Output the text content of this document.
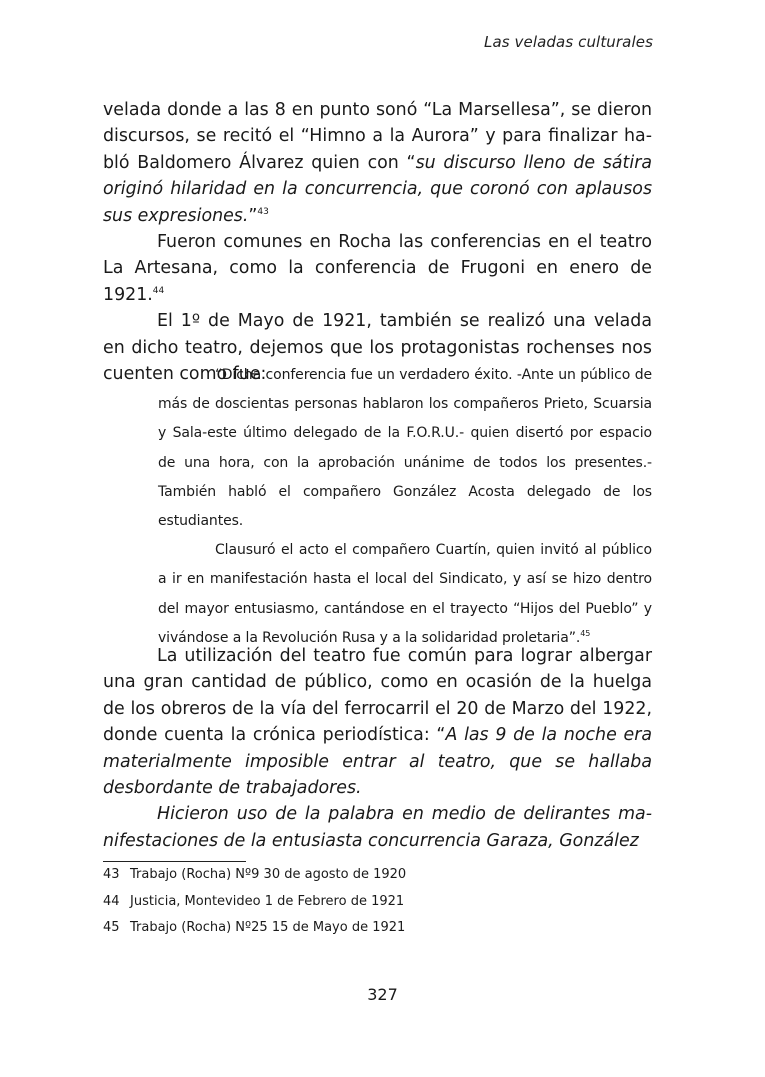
Las veladas culturales

velada donde a las 8 en punto sonó “La Marsellesa”, se dieron discursos, se recitó el “Himno a la Aurora” y para finalizar habló Baldomero Álvarez quien con “su discurso lleno de sátira originó hilaridad en la concurrencia, que coronó con aplausos sus expresiones.”$^{43}$

Fueron comunes en Rocha las conferencias en el teatro La Artesana, como la conferencia de Frugoni en enero de 1921.44

El 1º de Mayo de 1921, también se realizó una velada en dicho teatro, dejemos que los protagonistas rochenses nos cuenten como fue:

“Dicha conferencia fue un verdadero éxito. -Ante un público de más de doscientas personas hablaron los compañeros Prieto, Scuarsia y Sala-este último delegado de la F.O.R.U.- quien disertó por espacio de una hora, con la aprobación unánime de todos los presentes.- También habló el compañero González Acosta delegado de los estudiantes.

Clausuró el acto el compañero Cuartín, quien invitó al público a ir en manifestación hasta el local del Sindicato, y así se hizo dentro del mayor entusiasmo, cantándose en el trayecto “Hijos del Pueblo” y vivándose a la Revolución Rusa y a la solidaridad proletaria”.$^{45}$

La utilización del teatro fue común para lograr albergar una gran cantidad de público, como en ocasión de la huelga de los obreros de la vía del ferrocarril el 20 de Marzo del 1922, donde cuenta la crónica periodística: “A las 9 de la noche era materialmente imposible entrar al teatro, que se hallaba desbordante de trabajadores.

Hicieron uso de la palabra en medio de delirantes manifestaciones de la entusiasta concurrencia Garaza, González

43 Trabajo (Rocha) Nº9 30 de agosto de 1920
44 Justicia, Montevideo 1 de Febrero de 1921
45 Trabajo (Rocha) Nº25 15 de Mayo de 1921
327
